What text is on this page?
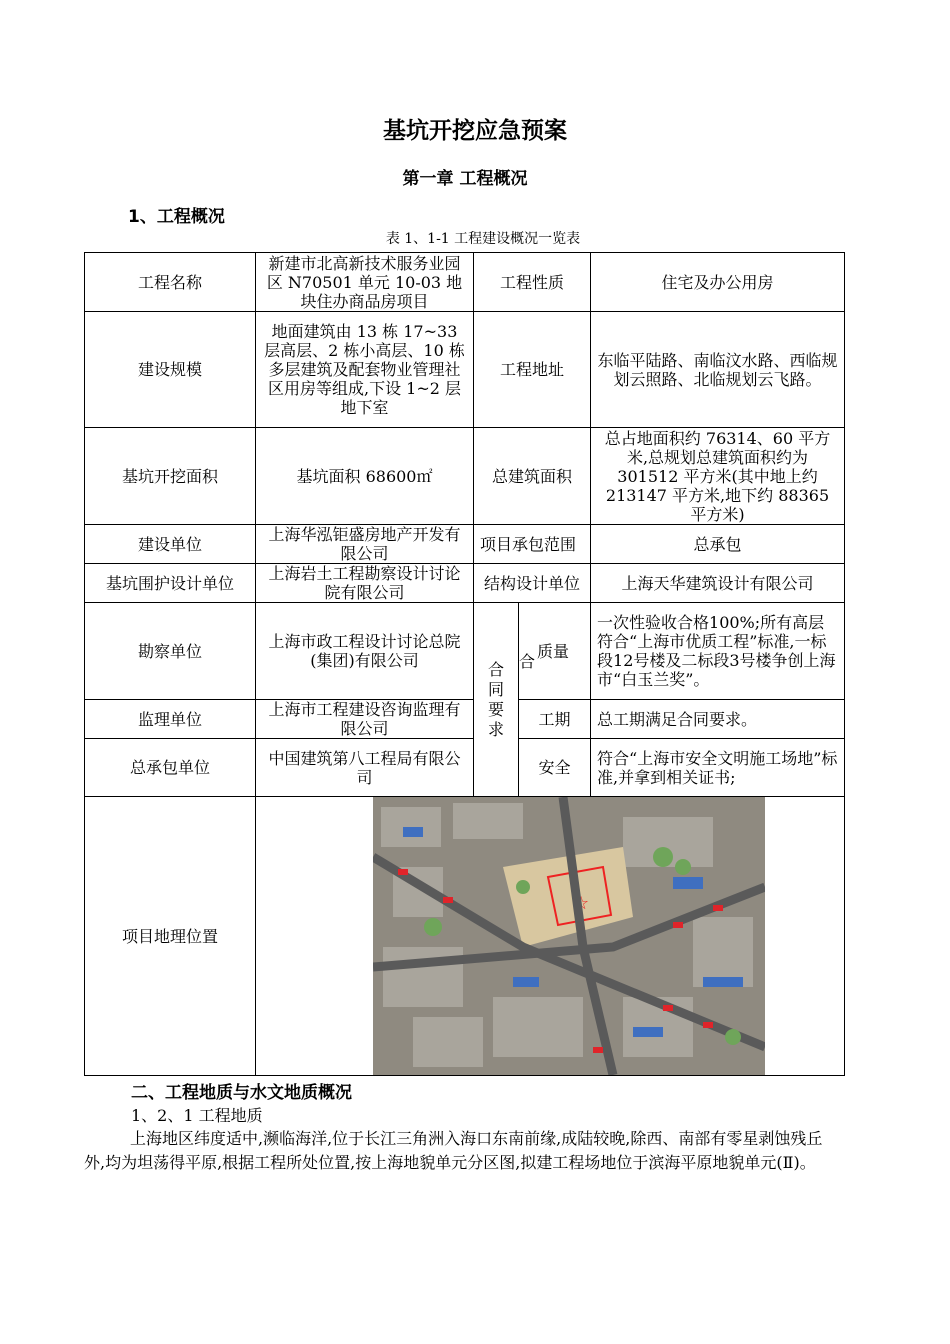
基坑开挖应急预案
第一章 工程概况
1、工程概况
表 1、1-1 工程建设概况一览表
工程名称	新建市北高新技术服务业园区 N70501 单元 10-03 地块住办商品房项目	工程性质		住宅及办公用房
建设规模	地面建筑由 13 栋 17~33 层高层、2 栋小高层、10 栋多层建筑及配套物业管理社区用房等组成,下设 1~2 层地下室	工程地址		东临平陆路、南临汶水路、西临规划云照路、北临规划云飞路。
基坑开挖面积	基坑面积 68600㎡	总建筑面积		总占地面积约 76314、60 平方米,总规划总建筑面积约为 301512 平方米(其中地上约 213147 平方米,地下约 88365 平方米)
建设单位	上海华泓钜盛房地产开发有限公司	项目承包范围		总承包
基坑围护设计单位	上海岩土工程勘察设计讨论院有限公司	结构设计单位		上海天华建筑设计有限公司
勘察单位	上海市政工程设计讨论总院(集团)有限公司	合同要求	合质量	一次性验收合格100%;所有高层符合“上海市优质工程”标准,一标段12号楼及二标段3号楼争创上海市“白玉兰奖”。
监理单位	上海市工程建设咨询监理有限公司		工期	总工期满足合同要求。
总承包单位	中国建筑第八工程局有限公司		安全	符合“上海市安全文明施工场地”标准,并拿到相关证书;
项目地理位置	☆			
二、工程地质与水文地质概况
1、2、1 工程地质
上海地区纬度适中,濒临海洋,位于长江三角洲入海口东南前缘,成陆较晚,除西、南部有零星剥蚀残丘外,均为坦荡得平原,根据工程所处位置,按上海地貌单元分区图,拟建工程场地位于滨海平原地貌单元(Ⅱ)。
